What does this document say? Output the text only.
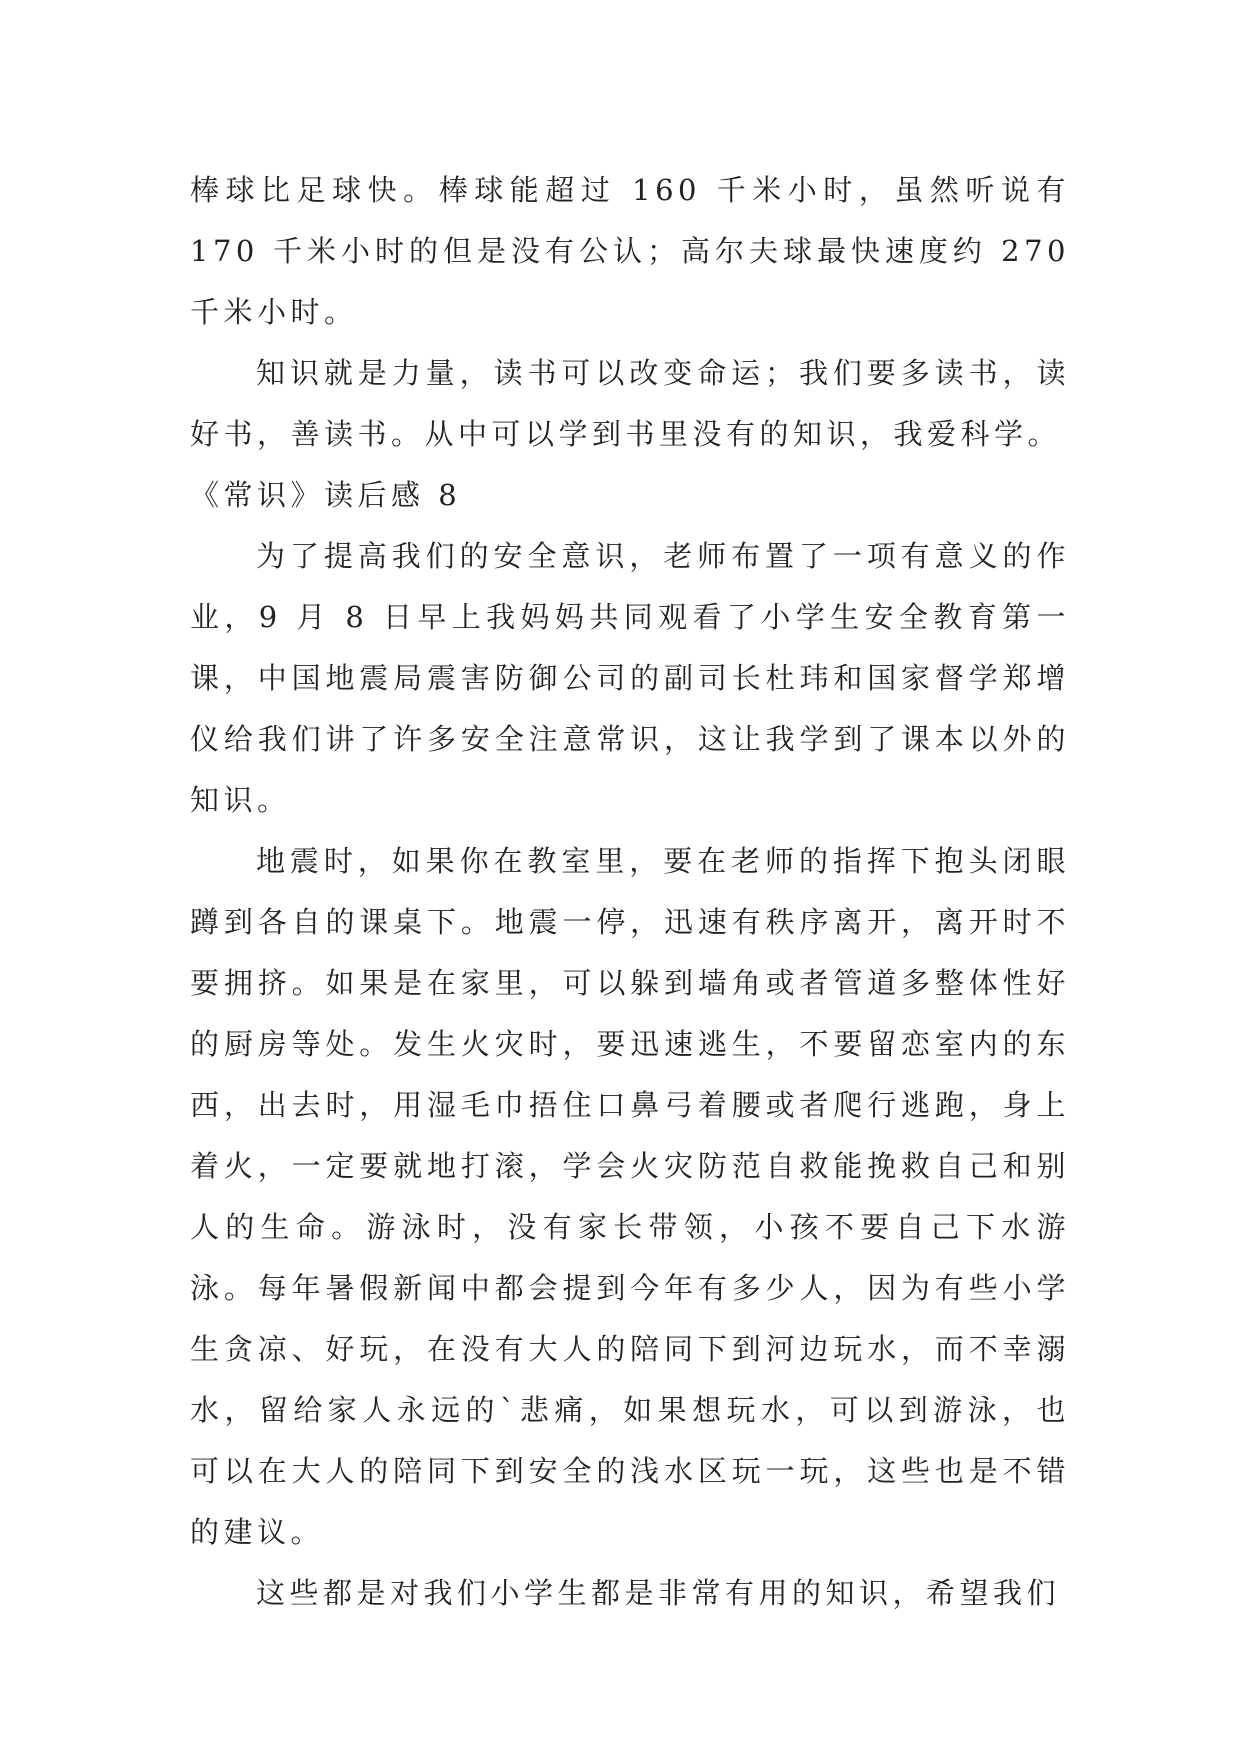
棒球比足球快。棒球能超过 160 千米小时，虽然听说有 170 千米小时的但是没有公认；高尔夫球最快速度约 270 千米小时。

知识就是力量，读书可以改变命运；我们要多读书，读好书，善读书。从中可以学到书里没有的知识，我爱科学。

《常识》读后感 8

为了提高我们的安全意识，老师布置了一项有意义的作业，9 月 8 日早上我妈妈共同观看了小学生安全教育第一课，中国地震局震害防御公司的副司长杜玮和国家督学郑增仪给我们讲了许多安全注意常识，这让我学到了课本以外的知识。

地震时，如果你在教室里，要在老师的指挥下抱头闭眼蹲到各自的课桌下。地震一停，迅速有秩序离开，离开时不要拥挤。如果是在家里，可以躲到墙角或者管道多整体性好的厨房等处。发生火灾时，要迅速逃生，不要留恋室内的东西，出去时，用湿毛巾捂住口鼻弓着腰或者爬行逃跑，身上着火，一定要就地打滚，学会火灾防范自救能挽救自己和别人的生命。游泳时，没有家长带领，小孩不要自己下水游泳。每年暑假新闻中都会提到今年有多少人，因为有些小学生贪凉、好玩，在没有大人的陪同下到河边玩水，而不幸溺水，留给家人永远的`悲痛，如果想玩水，可以到游泳，也可以在大人的陪同下到安全的浅水区玩一玩，这些也是不错的建议。

这些都是对我们小学生都是非常有用的知识，希望我们
